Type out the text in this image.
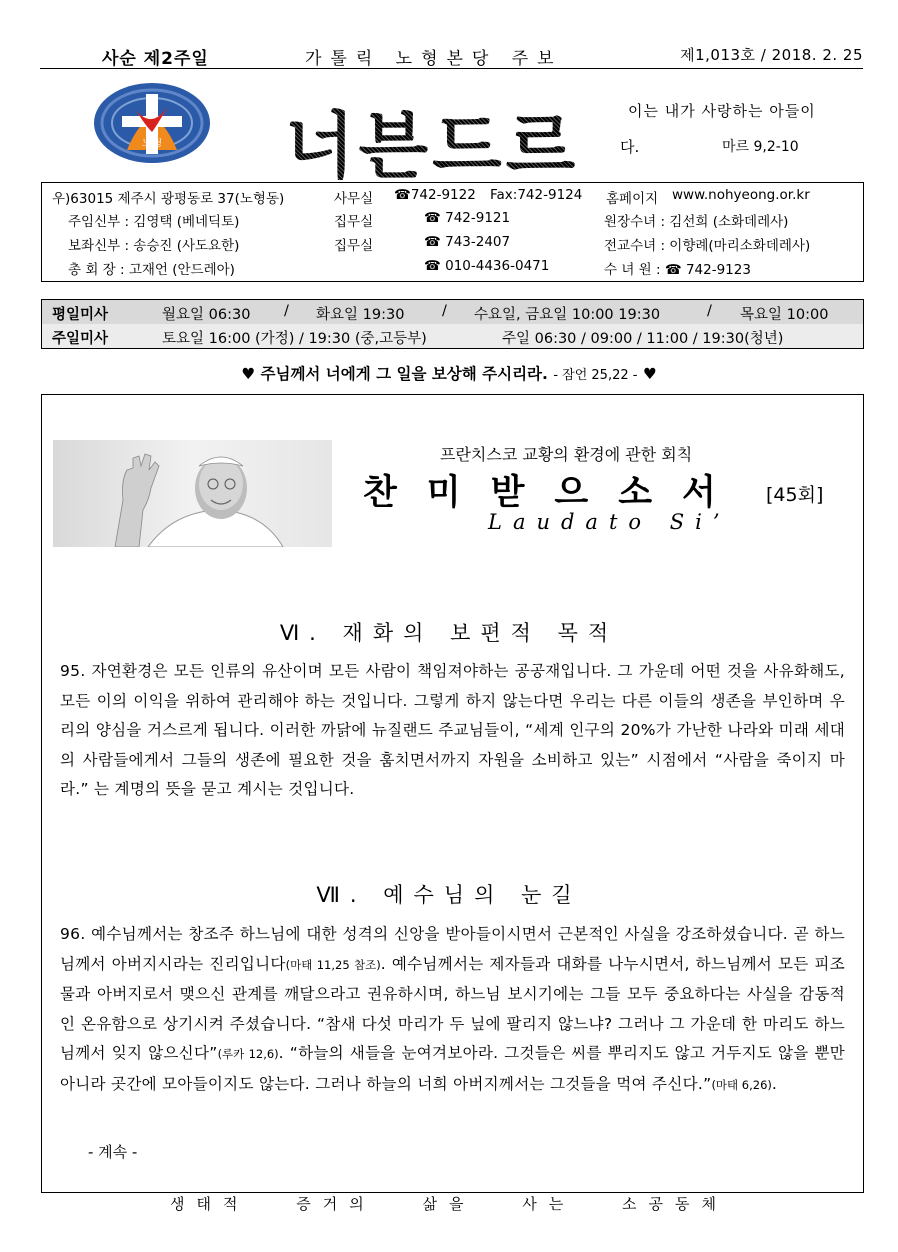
사순 제2주일	가톨릭 노형본당 주보	제1,013호 / 2018. 2. 25
노 형 너븐드르	이는 내가 사랑하는 아들이
다.	마르 9,2-10
우)63015 제주시 광평동로 37(노형동)	사무실 ☎742-9122 Fax:742-9124 홈페이지 www.nohyeong.or.kr
주임신부 : 김영택 (베네딕토)	집무실	☎ 742-9121	원장수녀 : 김선희 (소화데레사)
보좌신부 : 송승진 (사도요한)	집무실	☎ 743-2407	전교수녀 : 이향례(마리소화데레사)
총 회 장 : 고재언 (안드레아)	☎ 010-4436-0471	수 녀 원 : ☎ 742-9123
평일미사	월요일 06:30 / 화요일 19:30	/ 수요일, 금요일 10:00 19:30	/ 목요일 10:00
주일미사	토요일 16:00 (가정) / 19:30 (중,고등부)	주일 06:30 / 09:00 / 11:00 / 19:30(청년)
♥ 주님께서 너에게 그 일을 보상해 주시리라. - 잠언 25,22 - ♥
프란치스코 교황의 환경에 관한 회칙
찬미받으소서 [45회]
Laudato Si’
Ⅵ. 재화의 보편적 목적
95. 자연환경은 모든 인류의 유산이며 모든 사람이 책임져야하는 공공재입니다. 그 가운데 어떤 것을 사유화해도, 모든 이의 이익을 위하여 관리해야 하는 것입니다. 그렇게 하지 않는다면 우리는 다른 이들의 생존을 부인하며 우리의 양심을 거스르게 됩니다. 이러한 까닭에 뉴질랜드 주교님들이, “세계 인구의 20%가 가난한 나라와 미래 세대의 사람들에게서 그들의 생존에 필요한 것을 훔치면서까지 자원을 소비하고 있는” 시점에서 “사람을 죽이지 마라.” 는 계명의 뜻을 묻고 계시는 것입니다.
Ⅶ. 예수님의 눈길
96. 예수님께서는 창조주 하느님에 대한 성격의 신앙을 받아들이시면서 근본적인 사실을 강조하셨습니다. 곧 하느님께서 아버지시라는 진리입니다(마태 11,25 참조). 예수님께서는 제자들과 대화를 나누시면서, 하느님께서 모든 피조물과 아버지로서 맺으신 관계를 깨달으라고 권유하시며, 하느님 보시기에는 그들 모두 중요하다는 사실을 감동적인 온유함으로 상기시켜 주셨습니다. “참새 다섯 마리가 두 닢에 팔리지 않느냐? 그러나 그 가운데 한 마리도 하느님께서 잊지 않으신다”(루카 12,6). “하늘의 새들을 눈여겨보아라. 그것들은 씨를 뿌리지도 않고 거두지도 않을 뿐만 아니라 곳간에 모아들이지도 않는다. 그러나 하늘의 너희 아버지께서는 그것들을 먹여 주신다.”(마태 6,26).
- 계속 -
생태적 증거의 삶을 사는 소공동체
